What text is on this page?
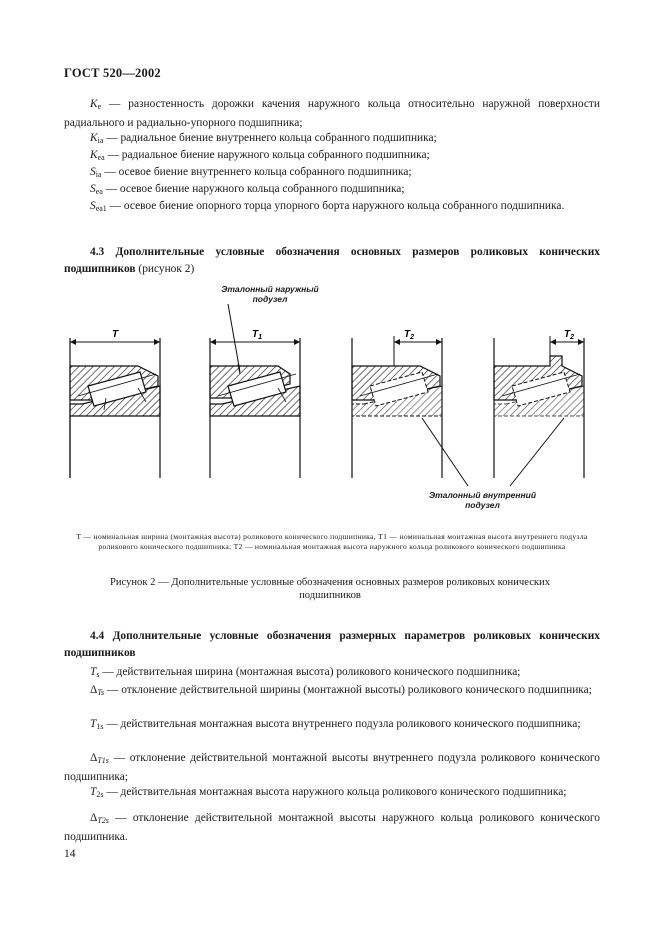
ГОСТ 520—2002
$K_e$ — разностенность дорожки качения наружного кольца относительно наружной поверхности радиального и радиально-упорного подшипника;
$K_{ia}$ — радиальное биение внутреннего кольца собранного подшипника;
$K_{ea}$ — радиальное биение наружного кольца собранного подшипника;
$S_{ia}$ — осевое биение внутреннего кольца собранного подшипника;
$S_{ea}$ — осевое биение наружного кольца собранного подшипника;
$S_{ea1}$ — осевое биение опорного торца упорного борта наружного кольца собранного подшипника.
4.3 Дополнительные условные обозначения основных размеров роликовых конических подшипников (рисунок 2)
T	$T_1$	$T_2$	$T_2$
Эталонный наружный подузел
Эталонный внутренний подузел
T — номинальная ширина (монтажная высота) роликового конического подшипника, T1 — номинальная монтажная высота внутреннего подузла роликового конического подшипника; T2 — номинальная монтажная высота наружного кольца роликового конического подшипника
Рисунок 2 — Дополнительные условные обозначения основных размеров роликовых конических подшипников
4.4 Дополнительные условные обозначения размерных параметров роликовых конических подшипников
Ts — действительная ширина (монтажная высота) роликового конического подшипника;
ΔTs — отклонение действительной ширины (монтажной высоты) роликового конического подшипника;
T1s — действительная монтажная высота внутреннего подузла роликового конического подшипника;
ΔT1s — отклонение действительной монтажной высоты внутреннего подузла роликового конического подшипника;
T2s — действительная монтажная высота наружного кольца роликового конического подшипника;
ΔT2s — отклонение действительной монтажной высоты наружного кольца роликового конического подшипника.
14
